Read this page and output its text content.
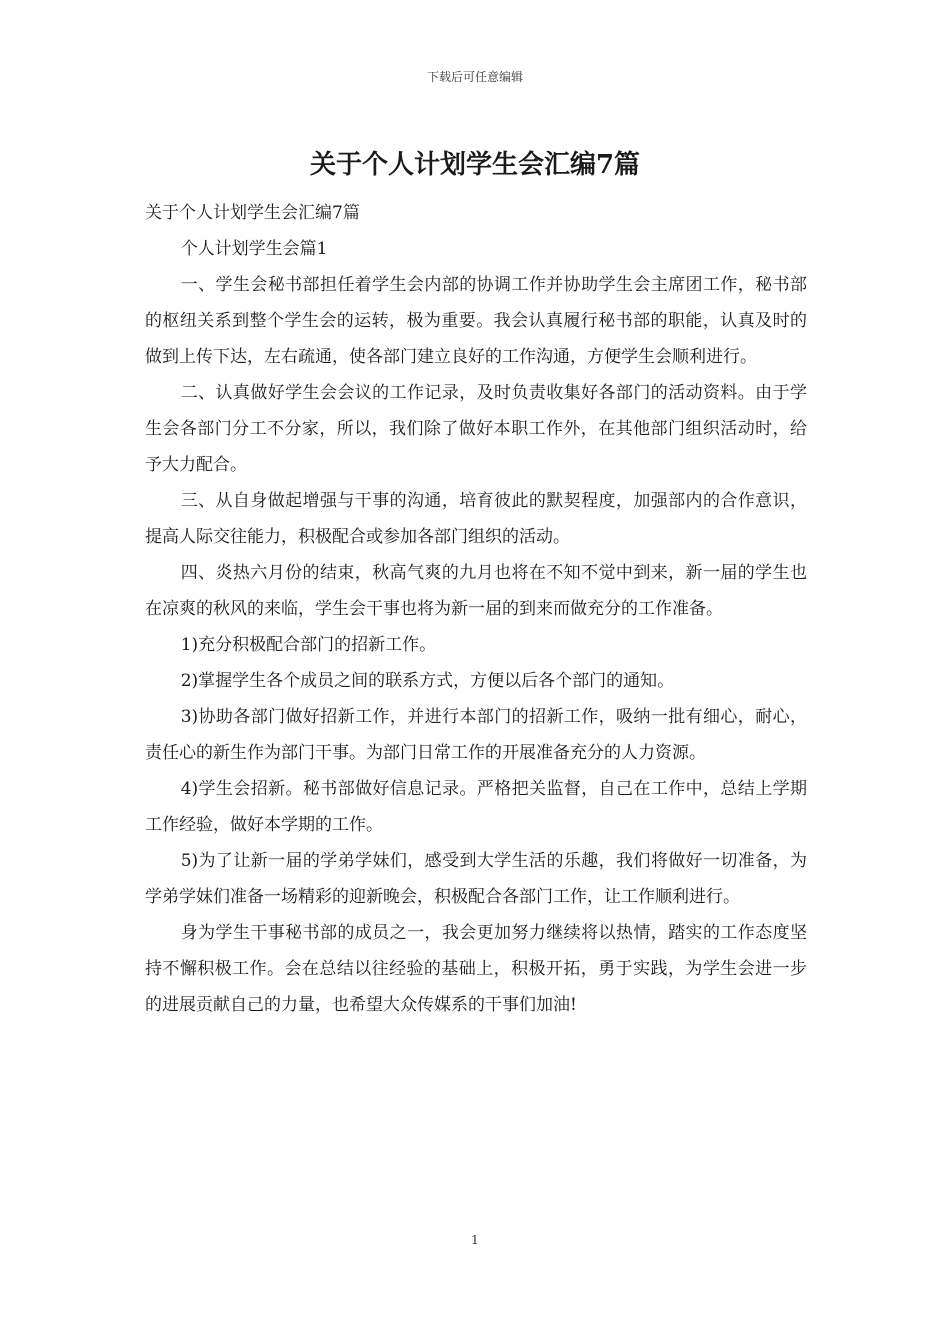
下载后可任意编辑
关于个人计划学生会汇编7篇

关于个人计划学生会汇编7篇

个人计划学生会篇1

一、学生会秘书部担任着学生会内部的协调工作并协助学生会主席团工作，秘书部的枢纽关系到整个学生会的运转，极为重要。我会认真履行秘书部的职能，认真及时的做到上传下达，左右疏通，使各部门建立良好的工作沟通，方便学生会顺利进行。

二、认真做好学生会会议的工作记录，及时负责收集好各部门的活动资料。由于学生会各部门分工不分家，所以，我们除了做好本职工作外，在其他部门组织活动时，给予大力配合。

三、从自身做起增强与干事的沟通，培育彼此的默契程度，加强部内的合作意识，提高人际交往能力，积极配合或参加各部门组织的活动。

四、炎热六月份的结束，秋高气爽的九月也将在不知不觉中到来，新一届的学生也在凉爽的秋风的来临，学生会干事也将为新一届的到来而做充分的工作准备。

1)充分积极配合部门的招新工作。

2)掌握学生各个成员之间的联系方式，方便以后各个部门的通知。

3)协助各部门做好招新工作，并进行本部门的招新工作，吸纳一批有细心，耐心，责任心的新生作为部门干事。为部门日常工作的开展准备充分的人力资源。

4)学生会招新。秘书部做好信息记录。严格把关监督，自己在工作中，总结上学期工作经验，做好本学期的工作。

5)为了让新一届的学弟学妹们，感受到大学生活的乐趣，我们将做好一切准备，为学弟学妹们准备一场精彩的迎新晚会，积极配合各部门工作，让工作顺利进行。

身为学生干事秘书部的成员之一，我会更加努力继续将以热情，踏实的工作态度坚持不懈积极工作。会在总结以往经验的基础上，积极开拓，勇于实践，为学生会进一步的进展贡献自己的力量，也希望大众传媒系的干事们加油!

1
